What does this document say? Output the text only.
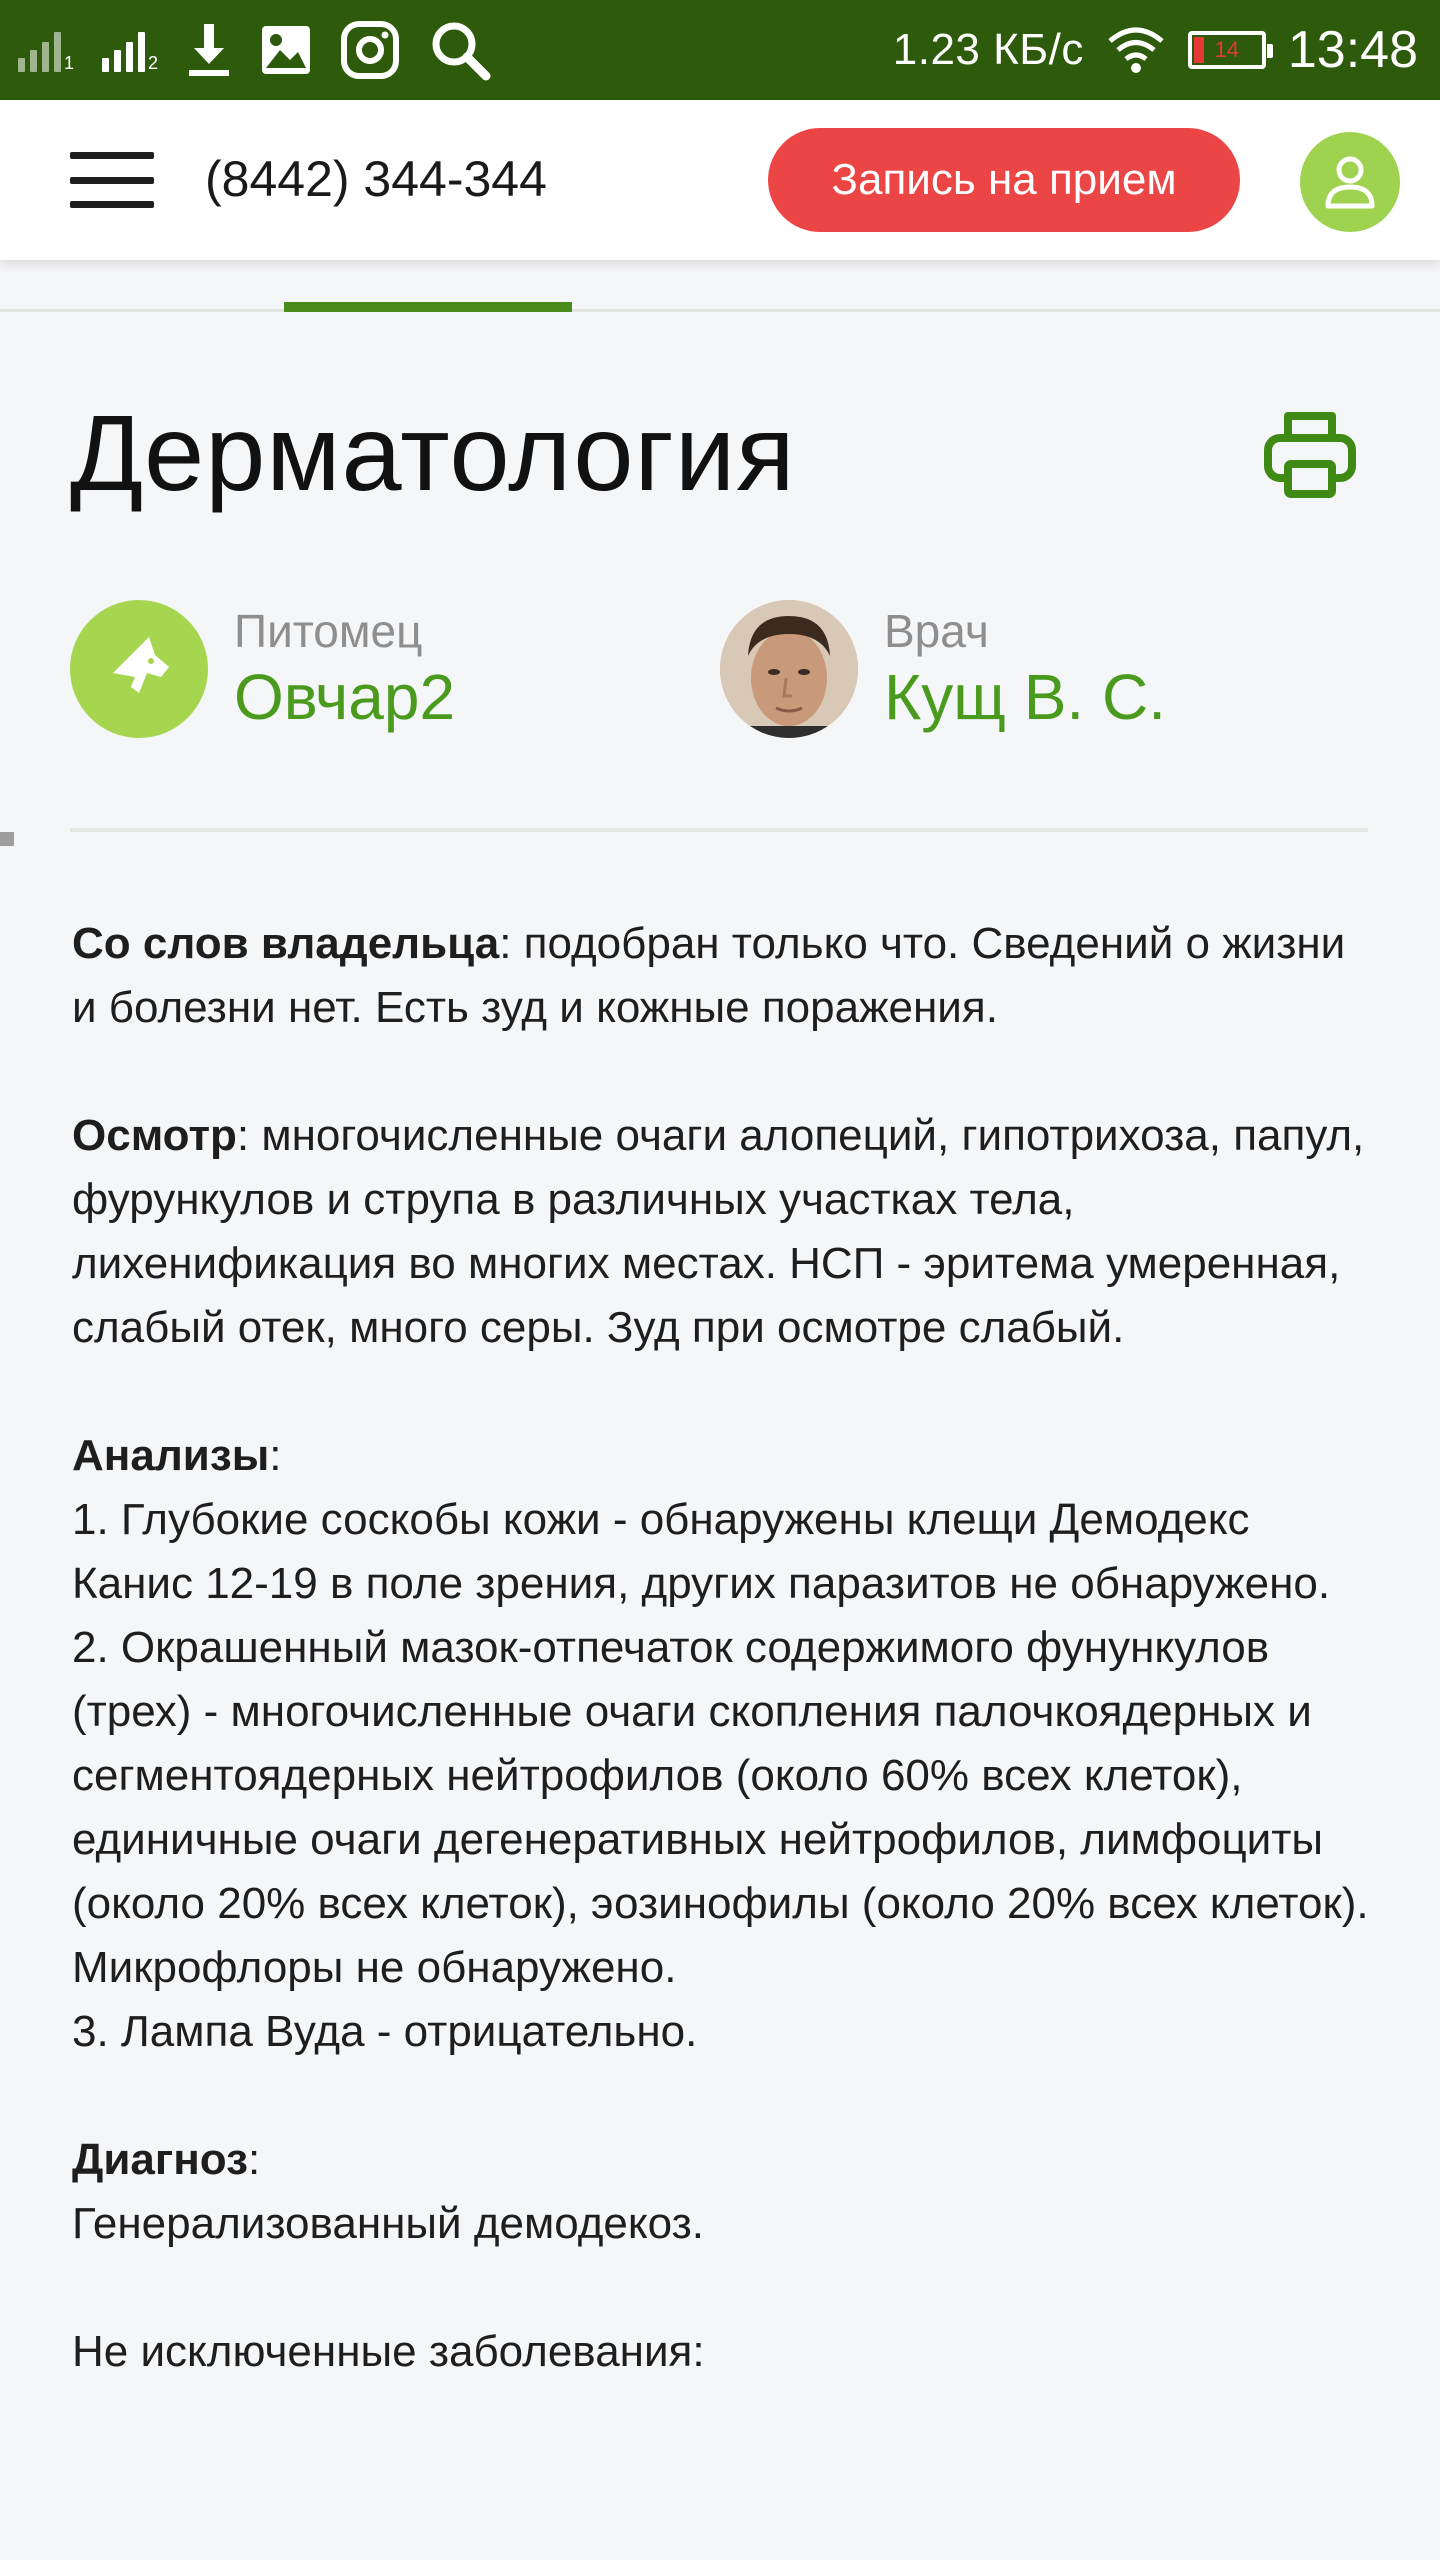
1	2	1.23 КБ/с	14 13:48
(8442) 344-344	Запись на прием
Дерматология
Питомец
Овчар2
Врач
Кущ В. С.

Со слов владельца: подобран только что. Сведений о жизни и болезни нет. Есть зуд и кожные поражения.

Осмотр: многочисленные очаги алопеций, гипотрихоза, папул, фурункулов и струпа в различных участках тела, лихенификация во многих местах. НСП - эритема умеренная, слабый отек, много серы. Зуд при осмотре слабый.

Анализы:
1. Глубокие соскобы кожи - обнаружены клещи Демодекс Канис 12-19 в поле зрения, других паразитов не обнаружено.
2. Окрашенный мазок-отпечаток содержимого фунункулов (трех) - многочисленные очаги скопления палочкоядерных и сегментоядерных нейтрофилов (около 60% всех клеток), единичные очаги дегенеративных нейтрофилов, лимфоциты (около 20% всех клеток), эозинофилы (около 20% всех клеток). Микрофлоры не обнаружено.
3. Лампа Вуда - отрицательно.

Диагноз:
Генерализованный демодекоз.

Не исключенные заболевания:
